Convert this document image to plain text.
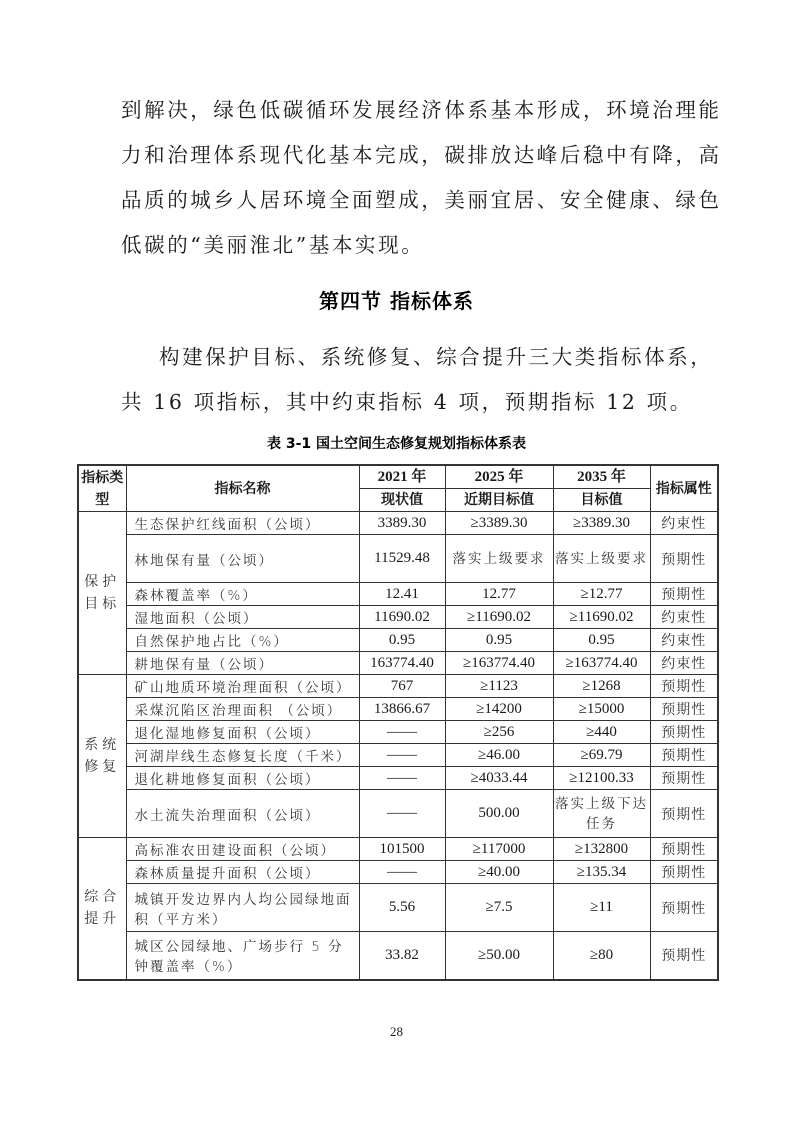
到解决，绿色低碳循环发展经济体系基本形成，环境治理能
力和治理体系现代化基本完成，碳排放达峰后稳中有降，高
品质的城乡人居环境全面塑成，美丽宜居、安全健康、绿色
低碳的“美丽淮北”基本实现。
第四节 指标体系
构建保护目标、系统修复、综合提升三大类指标体系，
共 16 项指标，其中约束指标 4 项，预期指标 12 项。
表 3-1 国土空间生态修复规划指标体系表
指标类型	指标名称	2021 年	2025 年	2035 年	指标属性
		现状值	近期目标值	目标值	
保护目标	生态保护红线面积（公顷）	3389.30	≥3389.30	≥3389.30	约束性
	林地保有量（公顷）	11529.48	落实上级要求	落实上级要求	预期性
	森林覆盖率（%）	12.41	12.77	≥12.77	预期性
	湿地面积（公顷）	11690.02	≥11690.02	≥11690.02	约束性
	自然保护地占比（%）	0.95	0.95	0.95	约束性
	耕地保有量（公顷）	163774.40	≥163774.40	≥163774.40	约束性
系统修复	矿山地质环境治理面积（公顷）	767	≥1123	≥1268	预期性
	采煤沉陷区治理面积 （公顷）	13866.67	≥14200	≥15000	预期性
	退化湿地修复面积（公顷）	——	≥256	≥440	预期性
	河湖岸线生态修复长度（千米）	——	≥46.00	≥69.79	预期性
	退化耕地修复面积（公顷）	——	≥4033.44	≥12100.33	预期性
	水土流失治理面积（公顷）	——	500.00	落实上级下达任务	预期性
综合提升	高标准农田建设面积（公顷）	101500	≥117000	≥132800	预期性
	森林质量提升面积（公顷）	——	≥40.00	≥135.34	预期性
	城镇开发边界内人均公园绿地面积（平方米）	5.56	≥7.5	≥11	预期性
	城区公园绿地、广场步行 5 分钟覆盖率（%）	33.82	≥50.00	≥80	预期性
28
